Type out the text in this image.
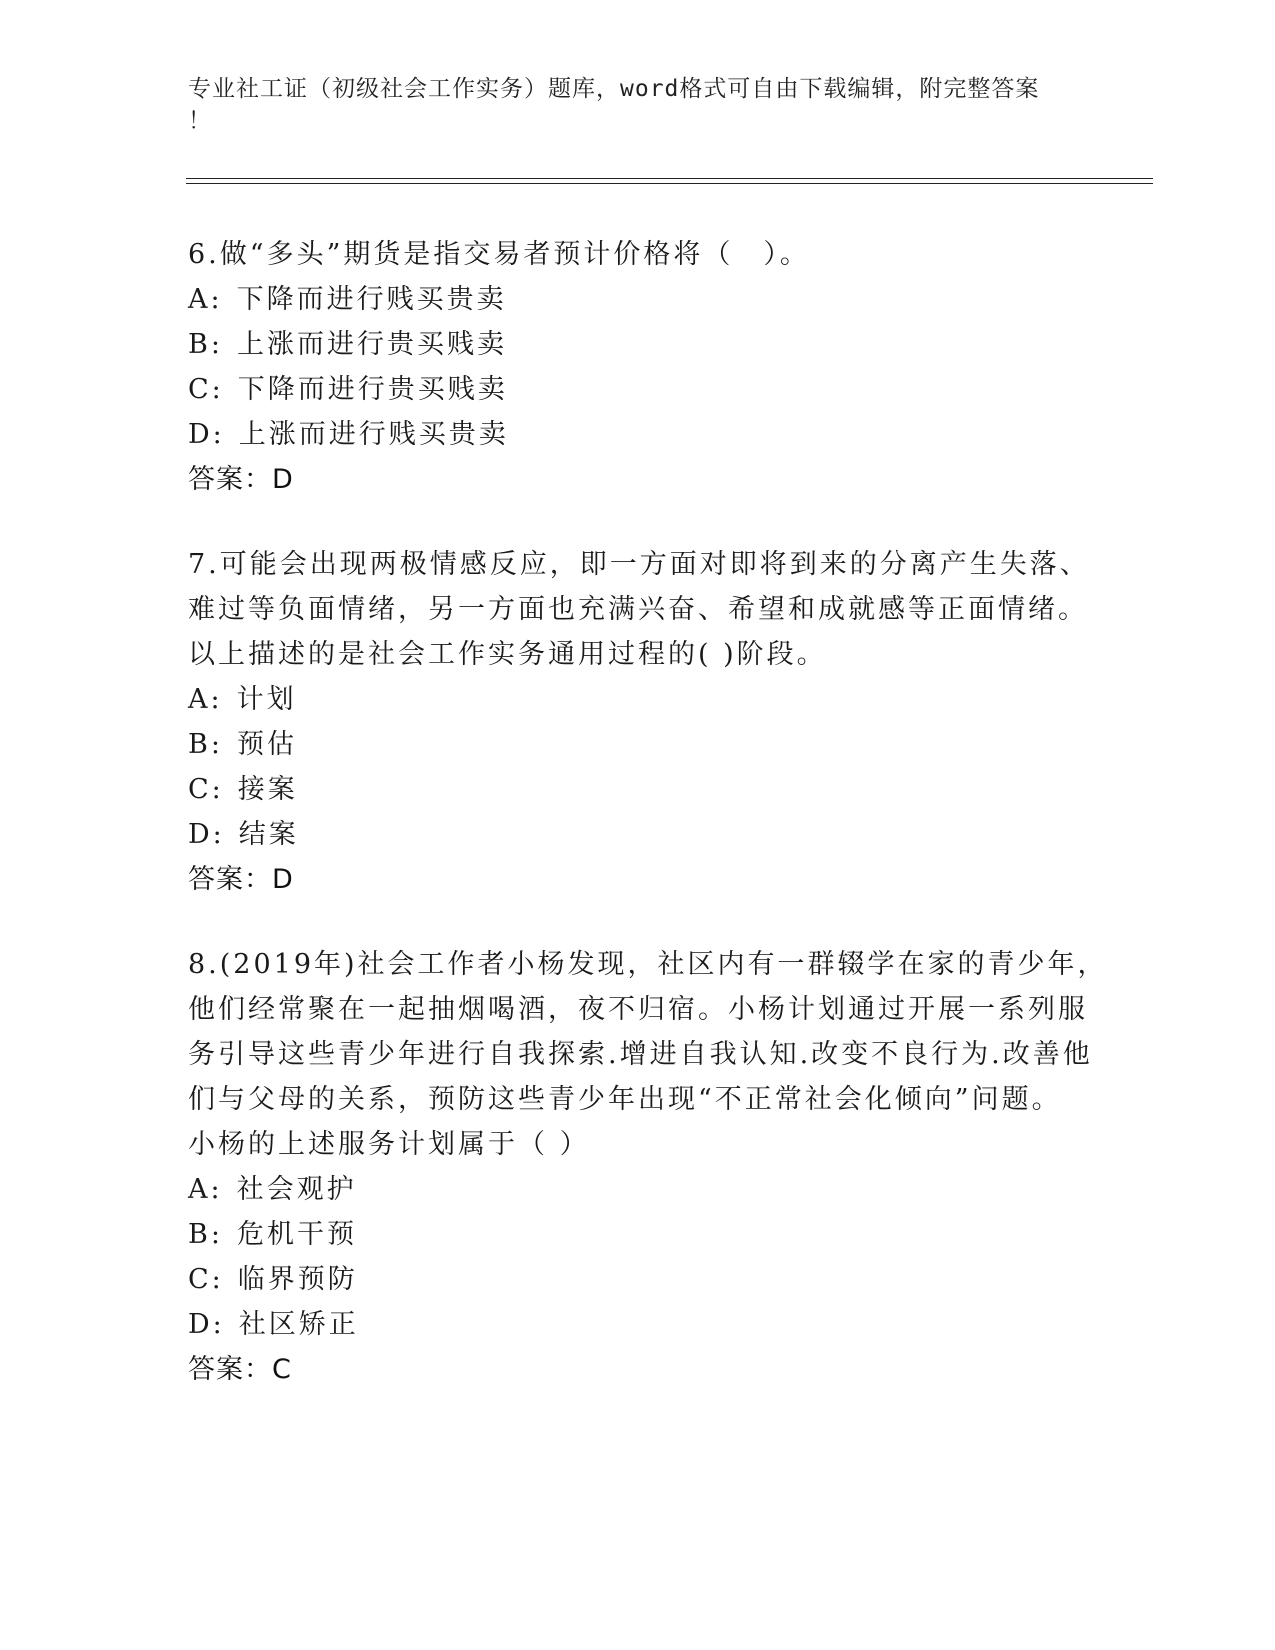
专业社工证（初级社会工作实务）题库，word格式可自由下载编辑，附完整答案
！
6.做“多头”期货是指交易者预计价格将（　）。
A: 下降而进行贱买贵卖
B: 上涨而进行贵买贱卖
C: 下降而进行贵买贱卖
D: 上涨而进行贱买贵卖
答案：D
7.可能会出现两极情感反应，即一方面对即将到来的分离产生失落、
难过等负面情绪，另一方面也充满兴奋、希望和成就感等正面情绪。
以上描述的是社会工作实务通用过程的( )阶段。
A: 计划
B: 预估
C: 接案
D: 结案
答案：D
8.(2019年)社会工作者小杨发现，社区内有一群辍学在家的青少年，
他们经常聚在一起抽烟喝酒，夜不归宿。小杨计划通过开展一系列服
务引导这些青少年进行自我探索.增进自我认知.改变不良行为.改善他
们与父母的关系，预防这些青少年出现“不正常社会化倾向”问题。
小杨的上述服务计划属于（ ）
A: 社会观护
B: 危机干预
C: 临界预防
D: 社区矫正
答案：C
